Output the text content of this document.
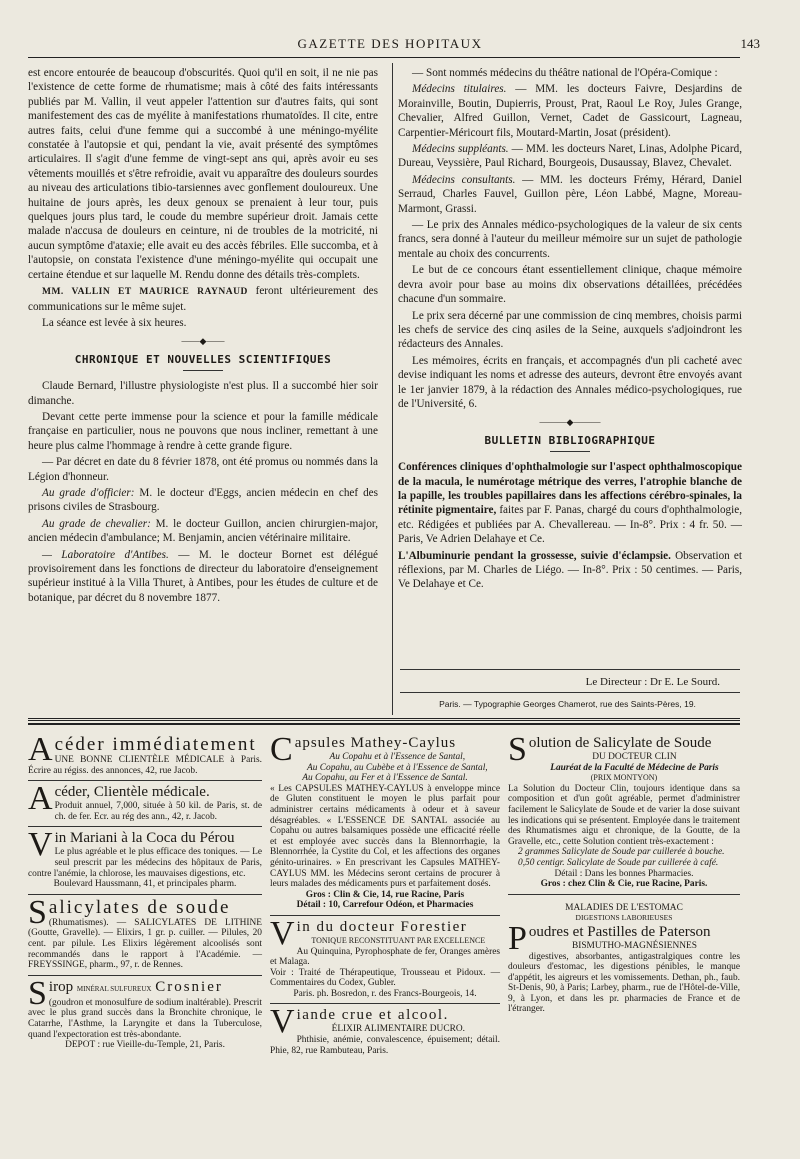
GAZETTE DES HOPITAUX	143

est encore entourée de beaucoup d'obscurités. Quoi qu'il en soit, il ne nie pas l'existence de cette forme de rhumatisme; mais à côté des faits intéressants publiés par M. Vallin, il veut appeler l'attention sur d'autres faits, qui sont manifestement des cas de myélite à manifestations rhumatoïdes. Il cite, entre autres faits, celui d'une femme qui a succombé à une méningo-myélite constatée à l'autopsie et qui, pendant la vie, avait présenté des symptômes articulaires. Il s'agit d'une femme de vingt-sept ans qui, après avoir eu ses vêtements mouillés et s'être refroidie, avait vu apparaître des douleurs sourdes au niveau des articulations tibio-tarsiennes avec gonflement douloureux. Une huitaine de jours après, les deux genoux se prenaient à leur tour, puis quelques jours plus tard, le coude du membre supérieur droit. Jamais cette malade n'accusa de douleurs en ceinture, ni de troubles de la motricité, ni aucun symptôme d'ataxie; elle avait eu des accès fébriles. Elle succomba, et à l'autopsie, on constata l'existence d'une méningo-myélite qui occupait une certaine étendue et sur laquelle M. Rendu donne des détails très-complets.

MM. VALLIN ET MAURICE RAYNAUD feront ultérieurement des communications sur le même sujet.

La séance est levée à six heures.

——◆——
CHRONIQUE ET NOUVELLES SCIENTIFIQUES

Claude Bernard, l'illustre physiologiste n'est plus. Il a succombé hier soir dimanche.

Devant cette perte immense pour la science et pour la famille médicale française en particulier, nous ne pouvons que nous incliner, remettant à une heure plus calme l'hommage à rendre à cette grande figure.

— Par décret en date du 8 février 1878, ont été promus ou nommés dans la Légion d'honneur.

Au grade d'officier: M. le docteur d'Eggs, ancien médecin en chef des prisons civiles de Strasbourg.

Au grade de chevalier: M. le docteur Guillon, ancien chirurgien-major, ancien médecin d'ambulance; M. Benjamin, ancien vétérinaire militaire.

— Laboratoire d'Antibes. — M. le docteur Bornet est délégué provisoirement dans les fonctions de directeur du laboratoire d'enseignement supérieur institué à la Villa Thuret, à Antibes, pour les études de culture et de botanique, par décret du 8 novembre 1877.

— Sont nommés médecins du théâtre national de l'Opéra-Comique :

Médecins titulaires. — MM. les docteurs Faivre, Desjardins de Morainville, Boutin, Dupierris, Proust, Prat, Raoul Le Roy, Jules Grange, Chevalier, Alfred Guillon, Vernet, Cadet de Gassicourt, Lagneau, Carpentier-Méricourt fils, Moutard-Martin, Josat (président).

Médecins suppléants. — MM. les docteurs Naret, Linas, Adolphe Picard, Dureau, Veyssière, Paul Richard, Bourgeois, Dusaussay, Blavez, Chevalet.

Médecins consultants. — MM. les docteurs Frémy, Hérard, Daniel Serraud, Charles Fauvel, Guillon père, Léon Labbé, Magne, Moreau-Marmont, Grassi.

— Le prix des Annales médico-psychologiques de la valeur de six cents francs, sera donné à l'auteur du meilleur mémoire sur un sujet de pathologie mentale au choix des concurrents.

Le but de ce concours étant essentiellement clinique, chaque mémoire devra avoir pour base au moins dix observations détaillées, précédées chacune d'un sommaire.

Le prix sera décerné par une commission de cinq membres, choisis parmi les chefs de service des cinq asiles de la Seine, auxquels s'adjoindront les rédacteurs des Annales.

Les mémoires, écrits en français, et accompagnés d'un pli cacheté avec devise indiquant les noms et adresse des auteurs, devront être envoyés avant le 1er janvier 1879, à la rédaction des Annales médico-psychologiques, rue de l'Université, 6.

———◆———
BULLETIN BIBLIOGRAPHIQUE

Conférences cliniques d'ophthalmologie sur l'aspect ophthalmoscopique de la macula, le numérotage métrique des verres, l'atrophie blanche de la papille, les troubles papillaires dans les affections cérébro-spinales, la rétinite pigmentaire, faites par F. Panas, chargé du cours d'ophthalmologie, etc. Rédigées et publiées par A. Chevallereau. — In-8°. Prix : 4 fr. 50. — Paris, Ve Adrien Delahaye et Ce.

L'Albuminurie pendant la grossesse, suivie d'éclampsie. Observation et réflexions, par M. Charles de Liégo. — In-8°. Prix : 50 centimes. — Paris, Ve Delahaye et Ce.

Le Directeur : Dr E. Le Sourd.
Paris. — Typographie Georges Chamerot, rue des Saints-Pères, 19.
A céder immédiatement
UNE BONNE CLIENTÈLE MÉDICALE à Paris. Écrire au régiss. des annonces, 42, rue Jacob.
A céder, Clientèle médicale.
Produit annuel, 7,000, située à 50 kil. de Paris, st. de ch. de fer. Ecr. au rég des ann., 42, r. Jacob.
V in Mariani à la Coca du Pérou
Le plus agréable et le plus efficace des toniques. — Le seul prescrit par les médecins des hôpitaux de Paris, contre l'anémie, la chlorose, les mauvaises digestions, etc.
Boulevard Haussmann, 41, et principales pharm.
S alicylates de soude
(Rhumatismes). — SALICYLATES DE LITHINE (Goutte, Gravelle). — Elixirs, 1 gr. p. cuiller. — Pilules, 20 cent. par pilule. Les Elixirs légèrement alcoolisés sont recommandés dans le rapport à l'Académie. — FREYSSINGE, pharm., 97, r. de Rennes.
S irop MINÉRAL SULFUREUX Crosnier
(goudron et monosulfure de sodium inaltérable). Prescrit avec le plus grand succès dans la Bronchite chronique, le Catarrhe, l'Asthme, la Laryngite et dans la Tuberculose, quand l'expectoration est très-abondante.
DEPOT : rue Vieille-du-Temple, 21, Paris.
C apsules Mathey-Caylus
Au Copahu et à l'Essence de Santal,
Au Copahu, au Cubèbe et à l'Essence de Santal,
Au Copahu, au Fer et à l'Essence de Santal.
« Les CAPSULES MATHEY-CAYLUS à enveloppe mince de Gluten constituent le moyen le plus parfait pour administrer certains médicaments à odeur et à saveur désagréables. « L'ESSENCE DE SANTAL associée au Copahu ou autres balsamiques possède une efficacité réelle et est employée avec succès dans la Blennorrhagie, la Blennorrhée, la Cystite du Col, et les affections des organes génito-urinaires. » En prescrivant les Capsules MATHEY-CAYLUS MM. les Médecins seront certains de procurer à leurs malades des médicaments purs et parfaitement dosés.
Gros : Clin & Cie, 14, rue Racine, Paris
Détail : 10, Carrefour Odéon, et Pharmacies
V in du docteur Forestier
TONIQUE RECONSTITUANT PAR EXCELLENCE
Au Quinquina, Pyrophosphate de fer, Oranges amères et Malaga.
Voir : Traité de Thérapeutique, Trousseau et Pidoux. — Commentaires du Codex, Gubler.
Paris. ph. Bosredon, r. des Francs-Bourgeois, 14.
V iande crue et alcool.
ÉLIXIR ALIMENTAIRE DUCRO.
Phthisie, anémie, convalescence, épuisement; détail. Phie, 82, rue Rambuteau, Paris.
S olution de Salicylate de Soude
DU DOCTEUR CLIN
Lauréat de la Faculté de Médecine de Paris
(PRIX MONTYON)
La Solution du Docteur Clin, toujours identique dans sa composition et d'un goût agréable, permet d'administrer facilement le Salicylate de Soude et de varier la dose suivant les indications qui se présentent. Employée dans le traitement des Rhumatismes aigu et chronique, de la Goutte, de la Gravelle, etc., cette Solution contient très-exactement :
2 grammes Salicylate de Soude par cuillerée à bouche.
0,50 centigr. Salicylate de Soude par cuillerée à café.
Détail : Dans les bonnes Pharmacies.
Gros : chez Clin & Cie, rue Racine, Paris.
MALADIES DE L'ESTOMAC
DIGESTIONS LABORIEUSES
P oudres et Pastilles de Paterson
BISMUTHO-MAGNÉSIENNES
digestives, absorbantes, antigastralgiques contre les douleurs d'estomac, les digestions pénibles, le manque d'appétit, les aigreurs et les vomissements. Dethan, ph., faub. St-Denis, 90, à Paris; Larbey, pharm., rue de l'Hôtel-de-Ville, 9, à Lyon, et dans les pr. pharmacies de France et de l'étranger.
